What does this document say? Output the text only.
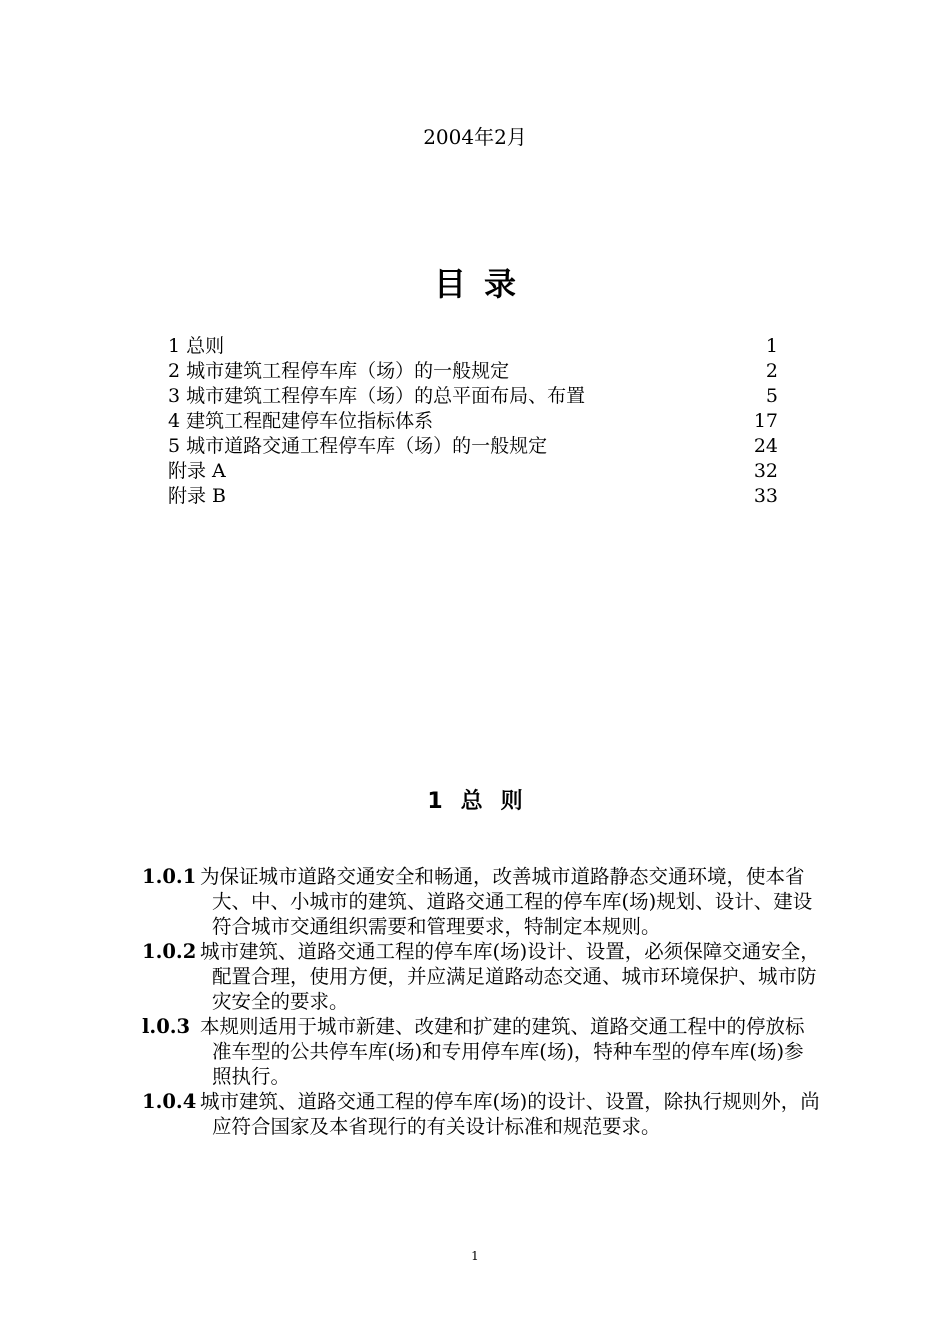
2004年2月
目录
1 总则	1
2 城市建筑工程停车库（场）的一般规定	2
3 城市建筑工程停车库（场）的总平面布局、布置	5
4 建筑工程配建停车位指标体系	17
5 城市道路交通工程停车库（场）的一般规定	24
附录 A	32
附录 B	33
1 总 则
1.0.1 为保证城市道路交通安全和畅通，改善城市道路静态交通环境，使本省大、中、小城市的建筑、道路交通工程的停车库(场)规划、设计、建设符合城市交通组织需要和管理要求，特制定本规则。
1.0.2 城市建筑、道路交通工程的停车库(场)设计、设置，必须保障交通安全，配置合理，使用方便，并应满足道路动态交通、城市环境保护、城市防灾安全的要求。
l.0.3 本规则适用于城市新建、改建和扩建的建筑、道路交通工程中的停放标准车型的公共停车库(场)和专用停车库(场)，特种车型的停车库(场)参照执行。
1.0.4 城市建筑、道路交通工程的停车库(场)的设计、设置，除执行规则外，尚应符合国家及本省现行的有关设计标准和规范要求。
1
